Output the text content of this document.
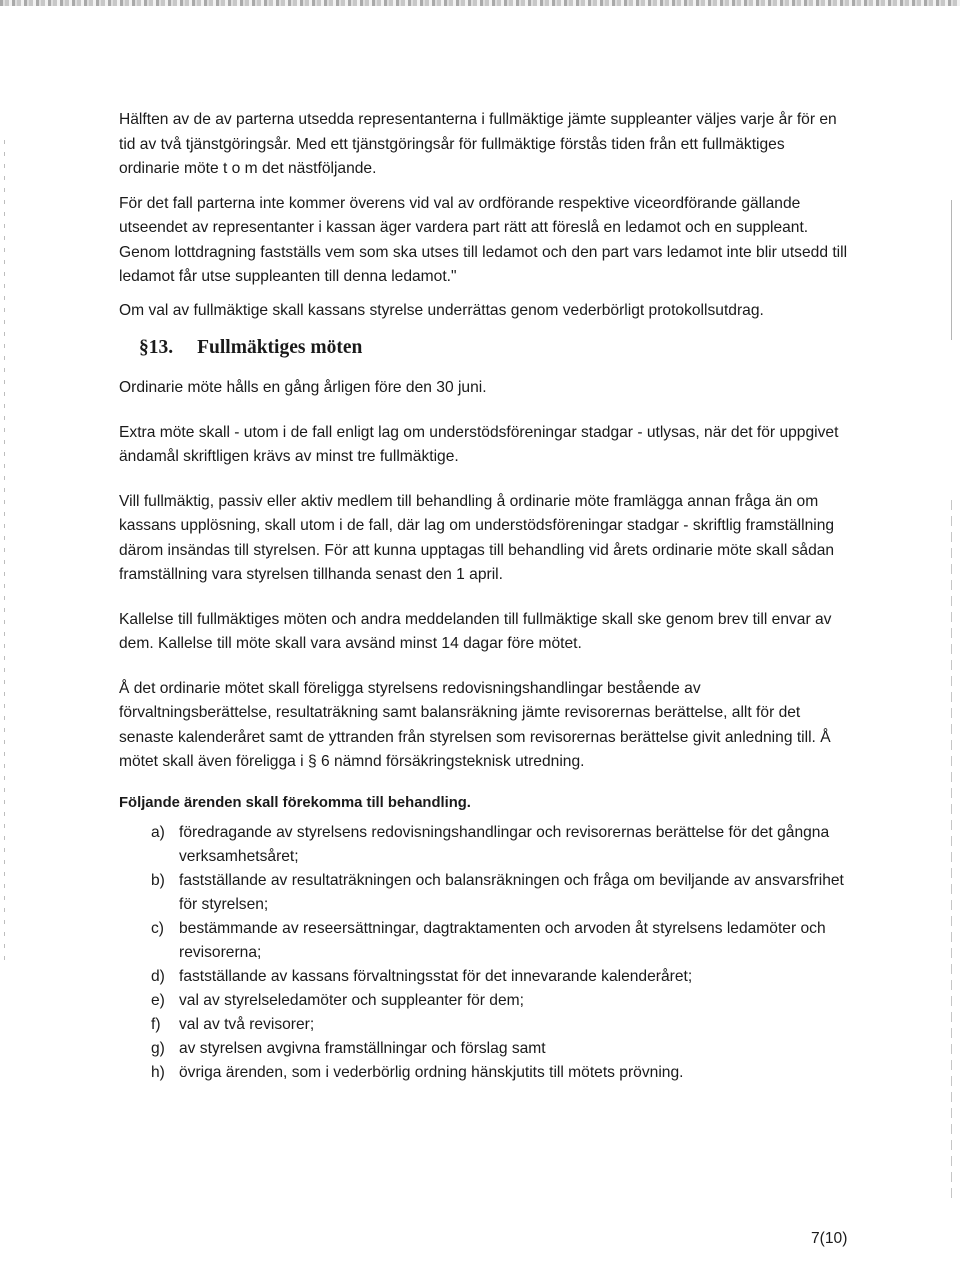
Hälften av de av parterna utsedda representanterna i fullmäktige jämte suppleanter väljes varje år för en tid av två tjänstgöringsår. Med ett tjänstgöringsår för fullmäktige förstås tiden från ett fullmäktiges ordinarie möte t o m det nästföljande.

För det fall parterna inte kommer överens vid val av ordförande respektive viceordförande gällande utseendet av representanter i kassan äger vardera part rätt att föreslå en ledamot och en suppleant. Genom lottdragning fastställs vem som ska utses till ledamot och den part vars ledamot inte blir utsedd till ledamot får utse suppleanten till denna ledamot."

Om val av fullmäktige skall kassans styrelse underrättas genom vederbörligt protokollsutdrag.

§13. Fullmäktiges möten

Ordinarie möte hålls en gång årligen före den 30 juni.

Extra möte skall - utom i de fall enligt lag om understödsföreningar stadgar - utlysas, när det för uppgivet ändamål skriftligen krävs av minst tre fullmäktige.

Vill fullmäktig, passiv eller aktiv medlem till behandling å ordinarie möte framlägga annan fråga än om kassans upplösning, skall utom i de fall, där lag om understödsföreningar stadgar - skriftlig framställning därom insändas till styrelsen. För att kunna upptagas till behandling vid årets ordinarie möte skall sådan framställning vara styrelsen tillhanda senast den 1 april.

Kallelse till fullmäktiges möten och andra meddelanden till fullmäktige skall ske genom brev till envar av dem. Kallelse till möte skall vara avsänd minst 14 dagar före mötet.

Å det ordinarie mötet skall föreligga styrelsens redovisningshandlingar bestående av förvaltningsberättelse, resultaträkning samt balansräkning jämte revisorernas berättelse, allt för det senaste kalenderåret samt de yttranden från styrelsen som revisorernas berättelse givit anledning till. Å mötet skall även föreligga i § 6 nämnd försäkringsteknisk utredning.

Följande ärenden skall förekomma till behandling.

a) föredragande av styrelsens redovisningshandlingar och revisorernas berättelse för det gångna verksamhetsåret;
b) fastställande av resultaträkningen och balansräkningen och fråga om beviljande av ansvarsfrihet för styrelsen;
c) bestämmande av reseersättningar, dagtraktamenten och arvoden åt styrelsens ledamöter och revisorerna;
d) fastställande av kassans förvaltningsstat för det innevarande kalenderåret;
e) val av styrelseledamöter och suppleanter för dem;
f) val av två revisorer;
g) av styrelsen avgivna framställningar och förslag samt
h) övriga ärenden, som i vederbörlig ordning hänskjutits till mötets prövning.
7(10)
